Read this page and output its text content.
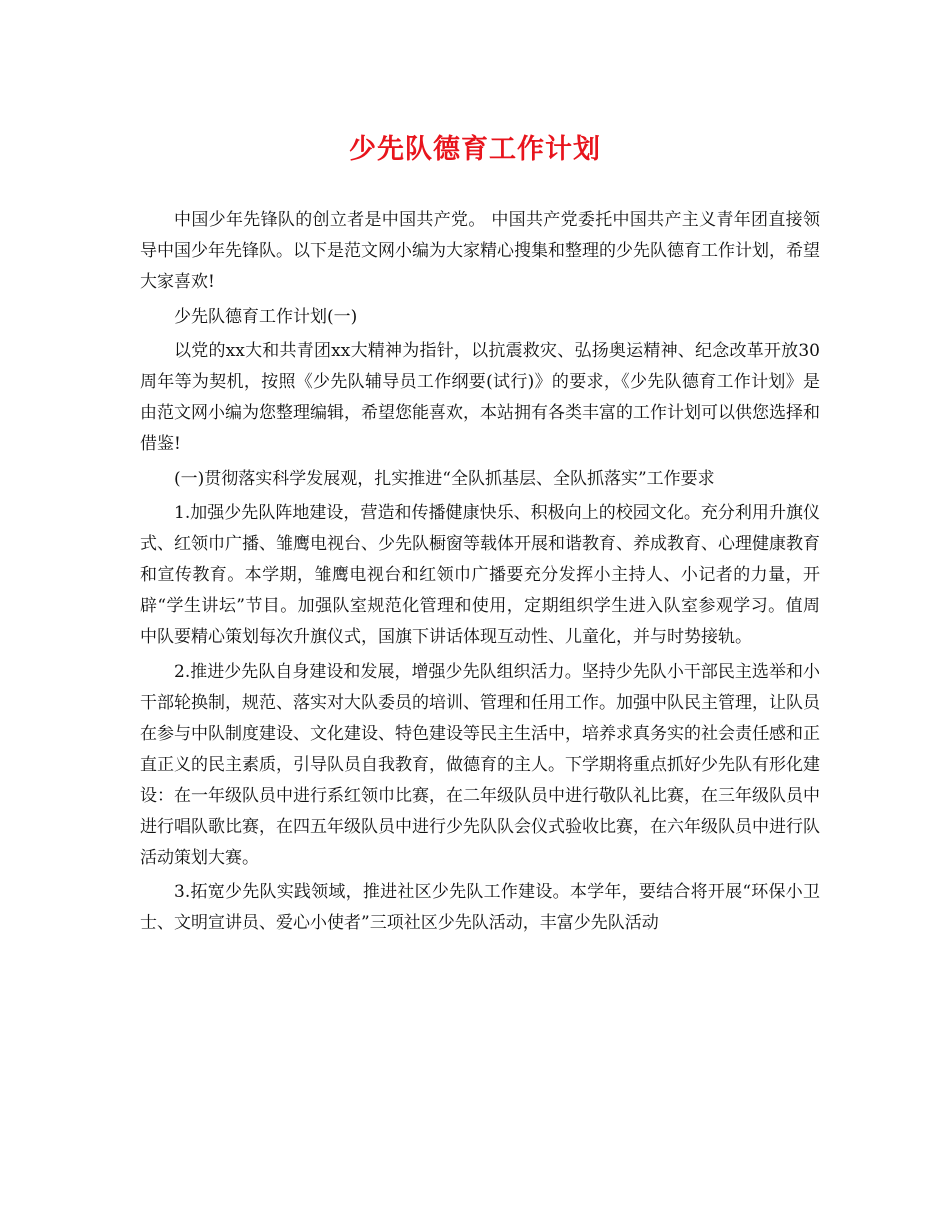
少先队德育工作计划

中国少年先锋队的创立者是中国共产党。 中国共产党委托中国共产主义青年团直接领导中国少年先锋队。以下是范文网小编为大家精心搜集和整理的少先队德育工作计划，希望大家喜欢!

少先队德育工作计划(一)

以党的xx大和共青团xx大精神为指针，以抗震救灾、弘扬奥运精神、纪念改革开放30周年等为契机，按照《少先队辅导员工作纲要(试行)》的要求，《少先队德育工作计划》是由范文网小编为您整理编辑，希望您能喜欢，本站拥有各类丰富的工作计划可以供您选择和借鉴!

(一)贯彻落实科学发展观，扎实推进“全队抓基层、全队抓落实”工作要求

1.加强少先队阵地建设，营造和传播健康快乐、积极向上的校园文化。充分利用升旗仪式、红领巾广播、雏鹰电视台、少先队橱窗等载体开展和谐教育、养成教育、心理健康教育和宣传教育。本学期，雏鹰电视台和红领巾广播要充分发挥小主持人、小记者的力量，开辟“学生讲坛”节目。加强队室规范化管理和使用，定期组织学生进入队室参观学习。值周中队要精心策划每次升旗仪式，国旗下讲话体现互动性、儿童化，并与时势接轨。

2.推进少先队自身建设和发展，增强少先队组织活力。坚持少先队小干部民主选举和小干部轮换制，规范、落实对大队委员的培训、管理和任用工作。加强中队民主管理，让队员在参与中队制度建设、文化建设、特色建设等民主生活中，培养求真务实的社会责任感和正直正义的民主素质，引导队员自我教育，做德育的主人。下学期将重点抓好少先队有形化建设：在一年级队员中进行系红领巾比赛，在二年级队员中进行敬队礼比赛，在三年级队员中进行唱队歌比赛，在四五年级队员中进行少先队队会仪式验收比赛，在六年级队员中进行队活动策划大赛。

3.拓宽少先队实践领域，推进社区少先队工作建设。本学年，要结合将开展“环保小卫士、文明宣讲员、爱心小使者”三项社区少先队活动，丰富少先队活动
